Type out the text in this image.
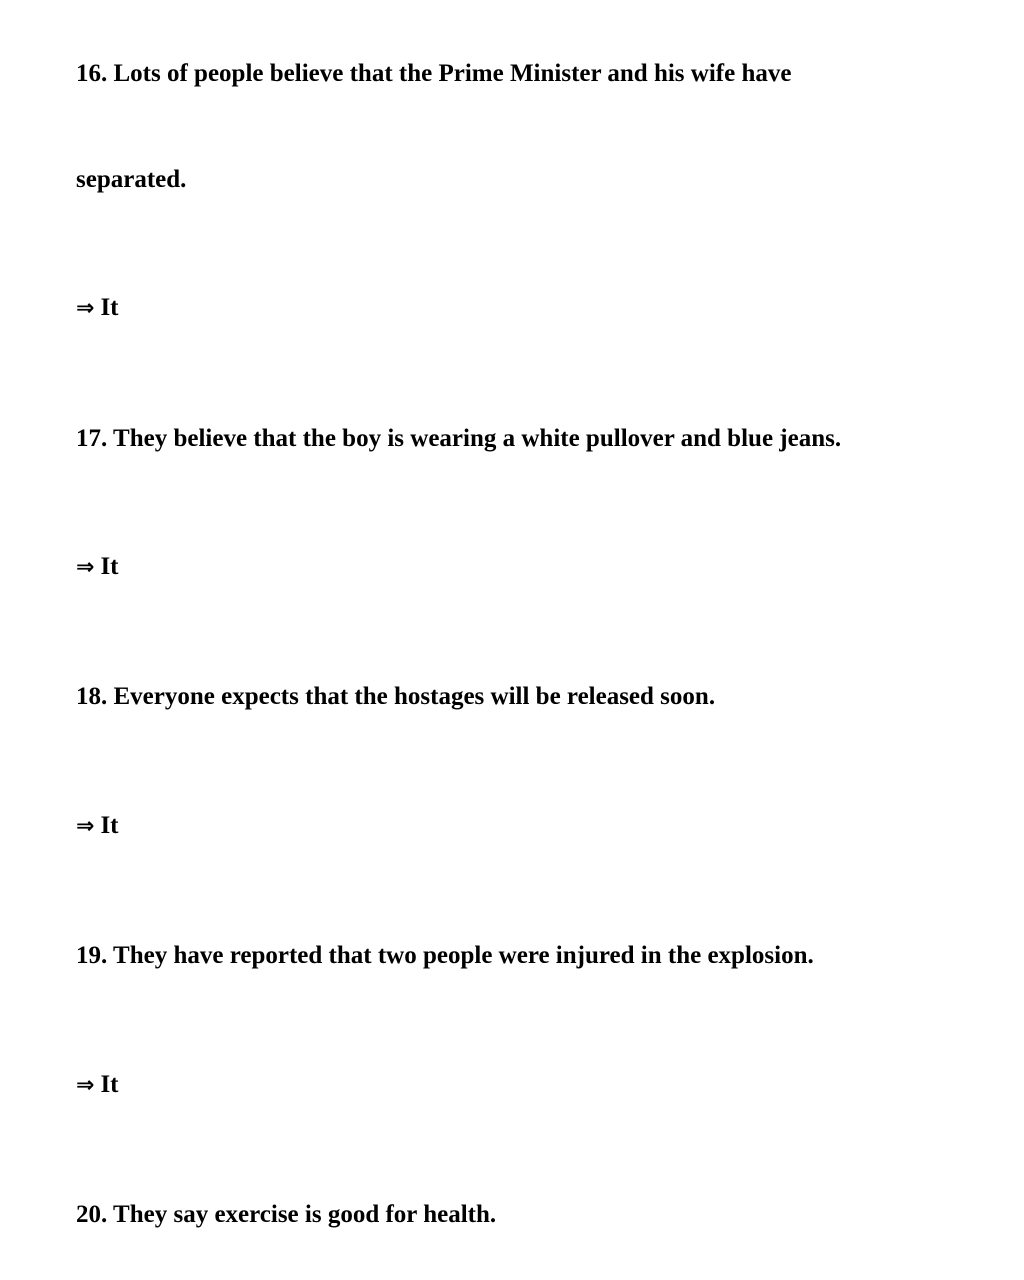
16. Lots of people believe that the Prime Minister and his wife have

separated.

⇒ It

17. They believe that the boy is wearing a white pullover and blue jeans.

⇒ It

18. Everyone expects that the hostages will be released soon.

⇒ It

19. They have reported that two people were injured in the explosion.

⇒ It

20. They say exercise is good for health.
